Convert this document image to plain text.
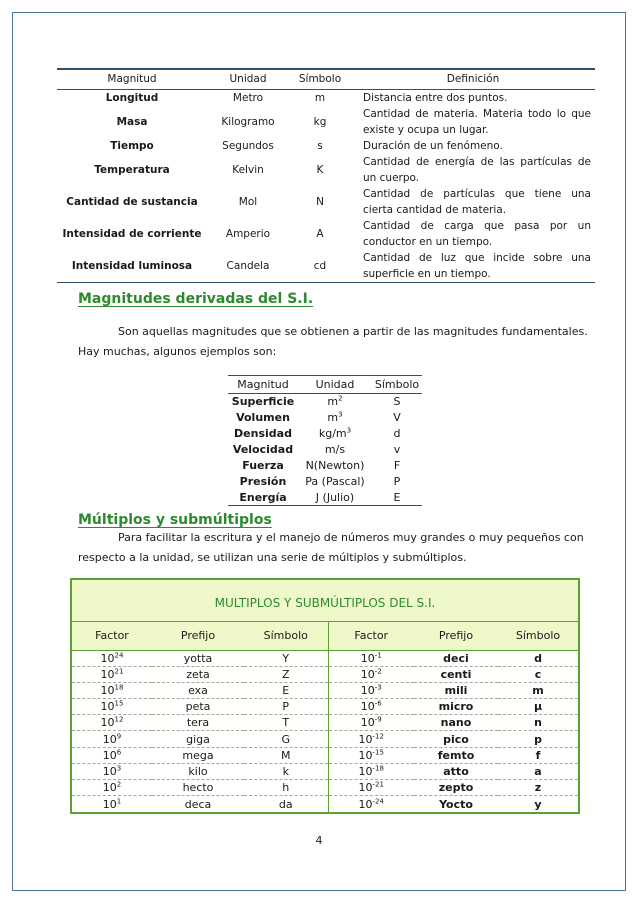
Magnitud	Unidad	Símbolo	Definición
Longitud	Metro	m	Distancia entre dos puntos.
Masa	Kilogramo	kg	Cantidad de materia. Materia todo lo que existe y ocupa un lugar.
Tiempo	Segundos	s	Duración de un fenómeno.
Temperatura	Kelvin	K	Cantidad de energía de las partículas de un cuerpo.
Cantidad de sustancia	Mol	N	Cantidad de partículas que tiene una cierta cantidad de materia.
Intensidad de corriente	Amperio	A	Cantidad de carga que pasa por un conductor en un tiempo.
Intensidad luminosa	Candela	cd	Cantidad de luz que incide sobre una superficie en un tiempo.
Magnitudes derivadas del S.I.
Son aquellas magnitudes que se obtienen a partir de las magnitudes fundamentales.
Hay muchas, algunos ejemplos son:
Magnitud	Unidad	Símbolo
Superficie	$m^2$	S
Volumen	$m^3$	V
Densidad	$kg/m^3$	d
Velocidad	m/s	v
Fuerza	N(Newton)	F
Presión	Pa (Pascal)	P
Energía	J (Julio)	E
Múltiplos y submúltiplos
Para facilitar la escritura y el manejo de números muy grandes o muy pequeños con
respecto a la unidad, se utilizan una serie de múltiplos y submúltiplos.
MULTIPLOS Y SUBMÚLTIPLOS DEL S.I.
Factor	Prefijo	Símbolo	Factor	Prefijo	Símbolo
$10^{24}$	yotta	Y	$10^{-1}$	deci	d
$10^{21}$	zeta	Z	$10^{-2}$	centi	c
$10^{18}$	exa	E	$10^{-3}$	mili	m
$10^{15}$	peta	P	$10^{-6}$	micro	μ
$10^{12}$	tera	T	$10^{-9}$	nano	n
$10^9$	giga	G	$10^{-12}$	pico	p
$10^6$	mega	M	$10^{-15}$	femto	f
$10^3$	kilo	k	$10^{-18}$	atto	a
$10^2$	hecto	h	$10^{-21}$	zepto	z
$10^1$	deca	da	$10^{-24}$	Yocto	y
4
